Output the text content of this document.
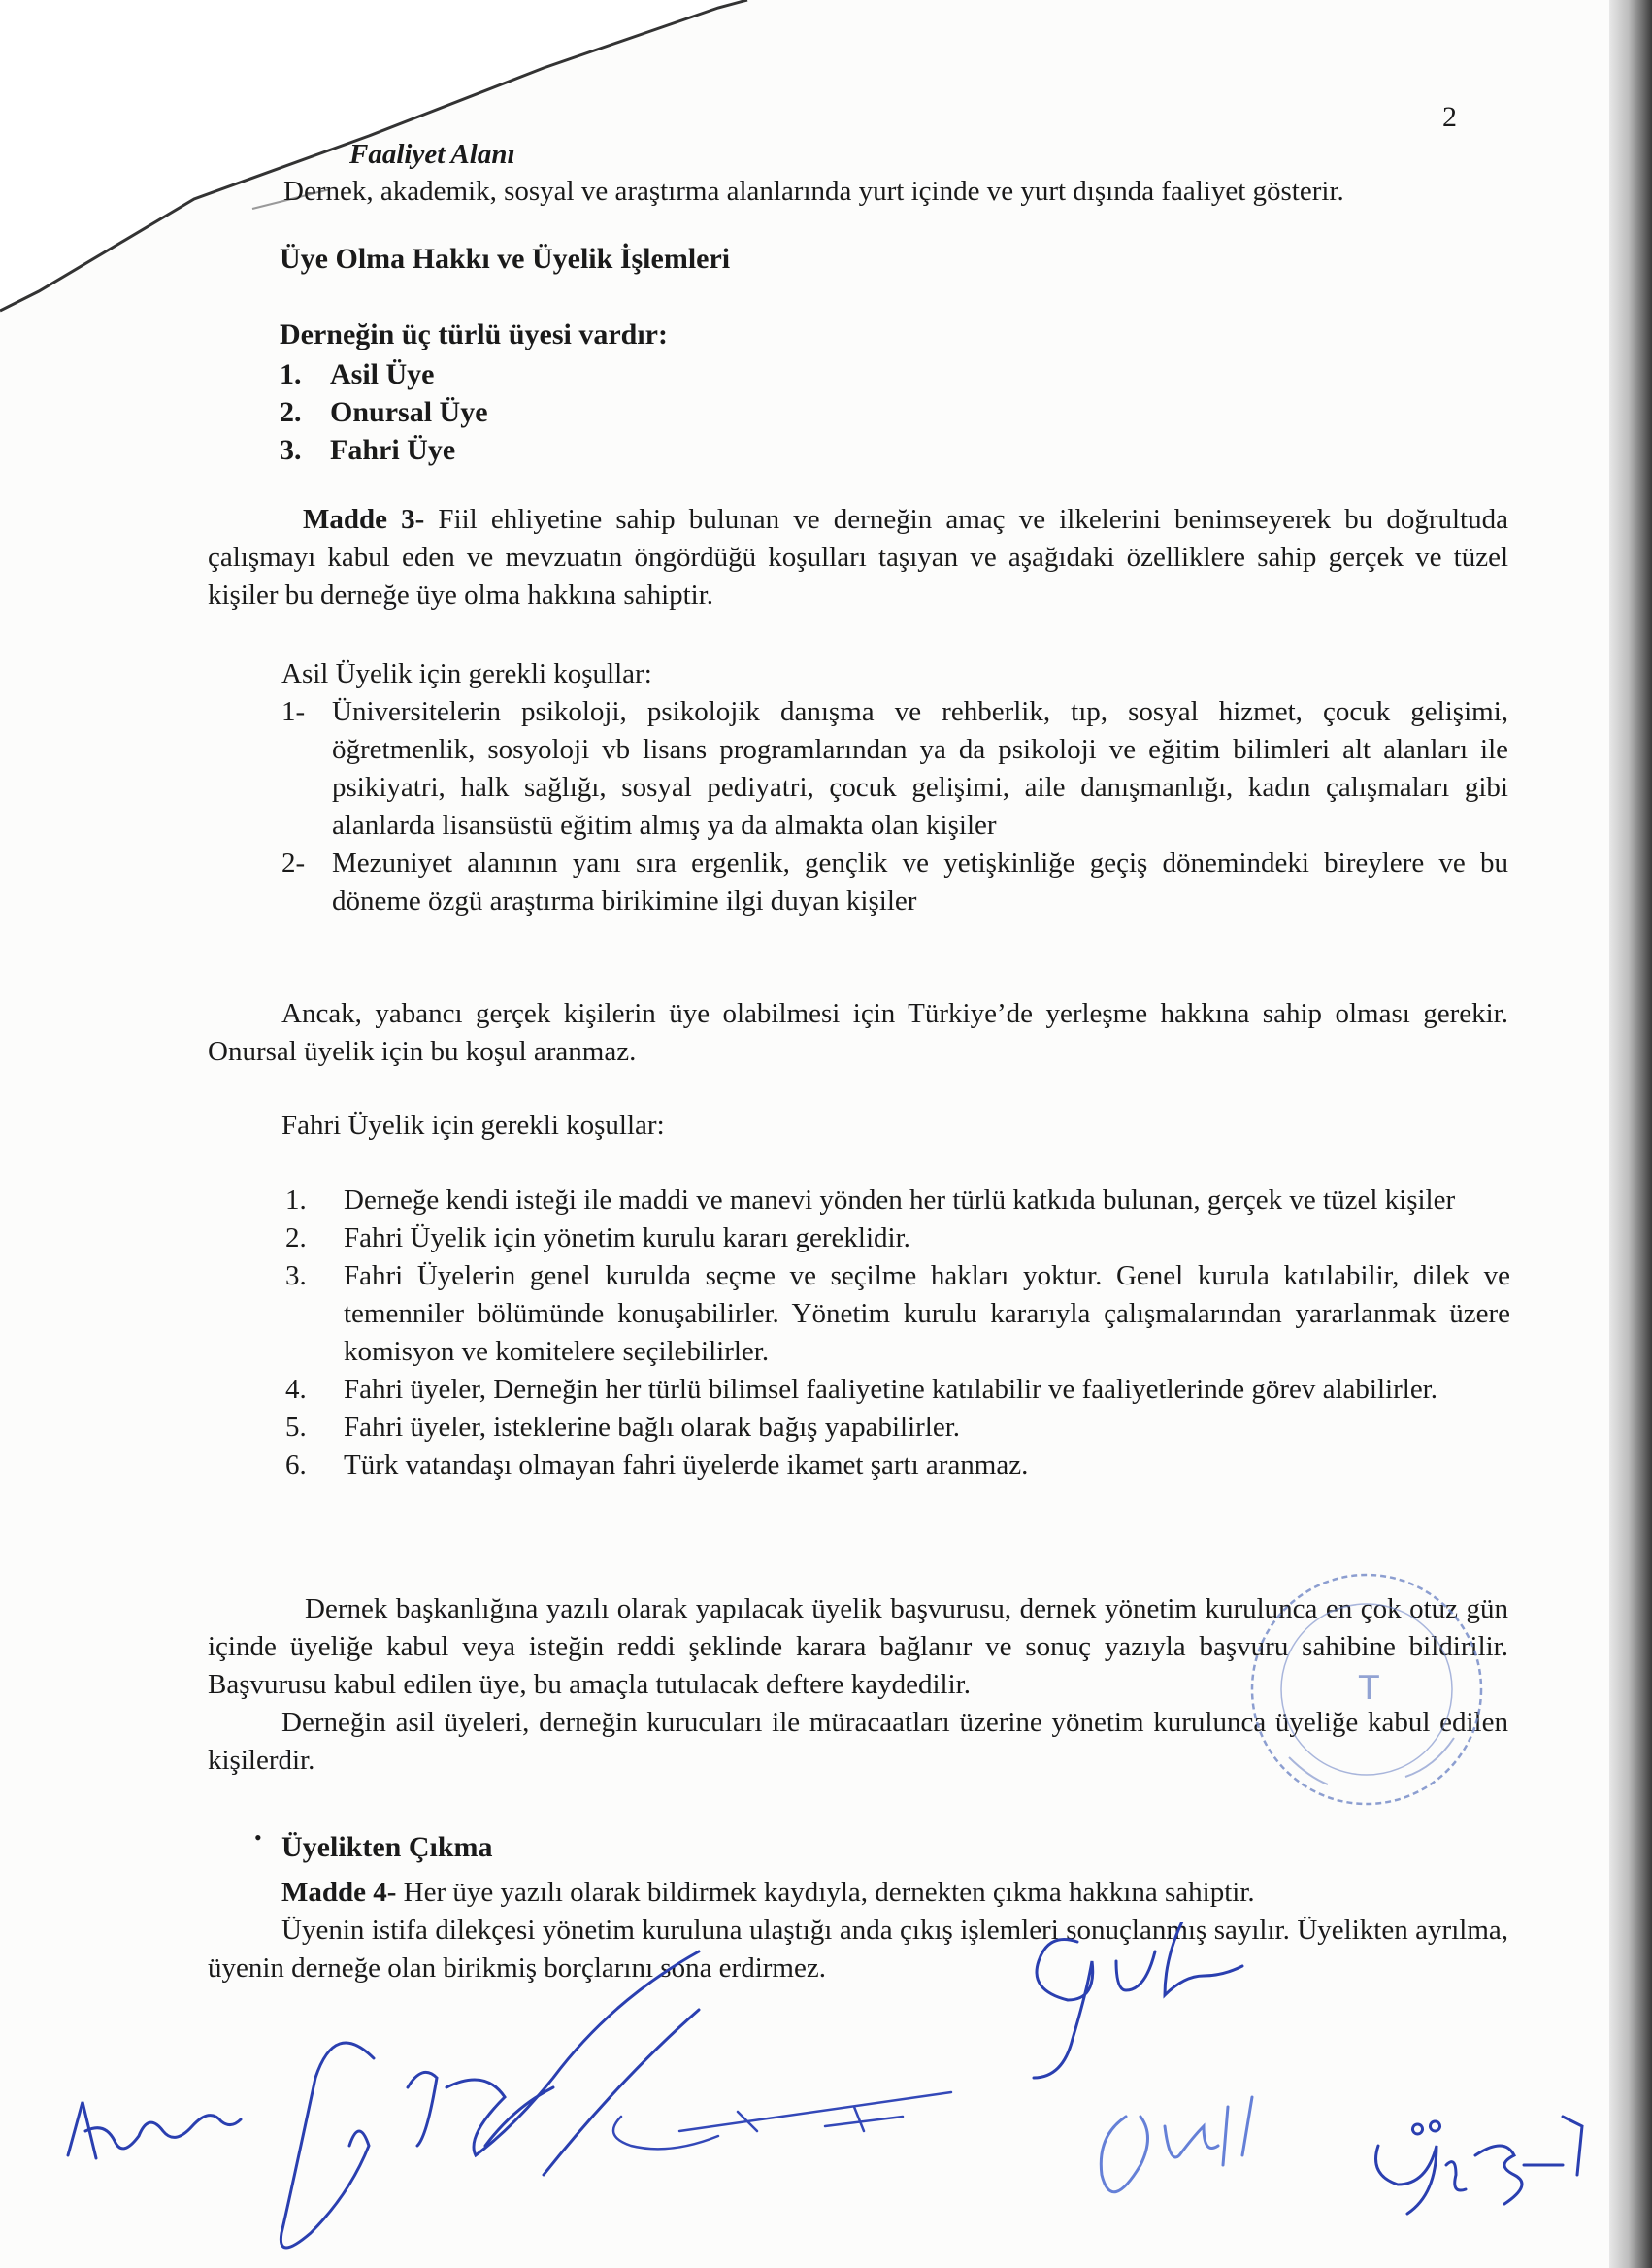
2
Faaliyet Alanı
Dernek, akademik, sosyal ve araştırma alanlarında yurt içinde ve yurt dışında faaliyet gösterir.
Üye Olma Hakkı ve Üyelik İşlemleri
Derneğin üç türlü üyesi vardır:
1. Asil Üye
2. Onursal Üye
3. Fahri Üye
Madde 3- Fiil ehliyetine sahip bulunan ve derneğin amaç ve ilkelerini benimseyerek bu doğrultuda çalışmayı kabul eden ve mevzuatın öngördüğü koşulları taşıyan ve aşağıdaki özelliklere sahip gerçek ve tüzel kişiler bu derneğe üye olma hakkına sahiptir.
Asil Üyelik için gerekli koşullar:
1- Üniversitelerin psikoloji, psikolojik danışma ve rehberlik, tıp, sosyal hizmet, çocuk gelişimi, öğretmenlik, sosyoloji vb lisans programlarından ya da psikoloji ve eğitim bilimleri alt alanları ile psikiyatri, halk sağlığı, sosyal pediyatri, çocuk gelişimi, aile danışmanlığı, kadın çalışmaları gibi alanlarda lisansüstü eğitim almış ya da almakta olan kişiler
2- Mezuniyet alanının yanı sıra ergenlik, gençlik ve yetişkinliğe geçiş dönemindeki bireylere ve bu döneme özgü araştırma birikimine ilgi duyan kişiler
Ancak, yabancı gerçek kişilerin üye olabilmesi için Türkiye’de yerleşme hakkına sahip olması gerekir. Onursal üyelik için bu koşul aranmaz.
Fahri Üyelik için gerekli koşullar:
1. Derneğe kendi isteği ile maddi ve manevi yönden her türlü katkıda bulunan, gerçek ve tüzel kişiler
2. Fahri Üyelik için yönetim kurulu kararı gereklidir.
3. Fahri Üyelerin genel kurulda seçme ve seçilme hakları yoktur. Genel kurula katılabilir, dilek ve temenniler bölümünde konuşabilirler. Yönetim kurulu kararıyla çalışmalarından yararlanmak üzere komisyon ve komitelere seçilebilirler.
4. Fahri üyeler, Derneğin her türlü bilimsel faaliyetine katılabilir ve faaliyetlerinde görev alabilirler.
5. Fahri üyeler, isteklerine bağlı olarak bağış yapabilirler.
6. Türk vatandaşı olmayan fahri üyelerde ikamet şartı aranmaz.
Dernek başkanlığına yazılı olarak yapılacak üyelik başvurusu, dernek yönetim kurulunca en çok otuz gün içinde üyeliğe kabul veya isteğin reddi şeklinde karara bağlanır ve sonuç yazıyla başvuru sahibine bildirilir. Başvurusu kabul edilen üye, bu amaçla tutulacak deftere kaydedilir.
Derneğin asil üyeleri, derneğin kurucuları ile müracaatları üzerine yönetim kurulunca üyeliğe kabul edilen kişilerdir.
T
• Üyelikten Çıkma
Madde 4- Her üye yazılı olarak bildirmek kaydıyla, dernekten çıkma hakkına sahiptir.
Üyenin istifa dilekçesi yönetim kuruluna ulaştığı anda çıkış işlemleri sonuçlanmış sayılır. Üyelikten ayrılma, üyenin derneğe olan birikmiş borçlarını sona erdirmez.
